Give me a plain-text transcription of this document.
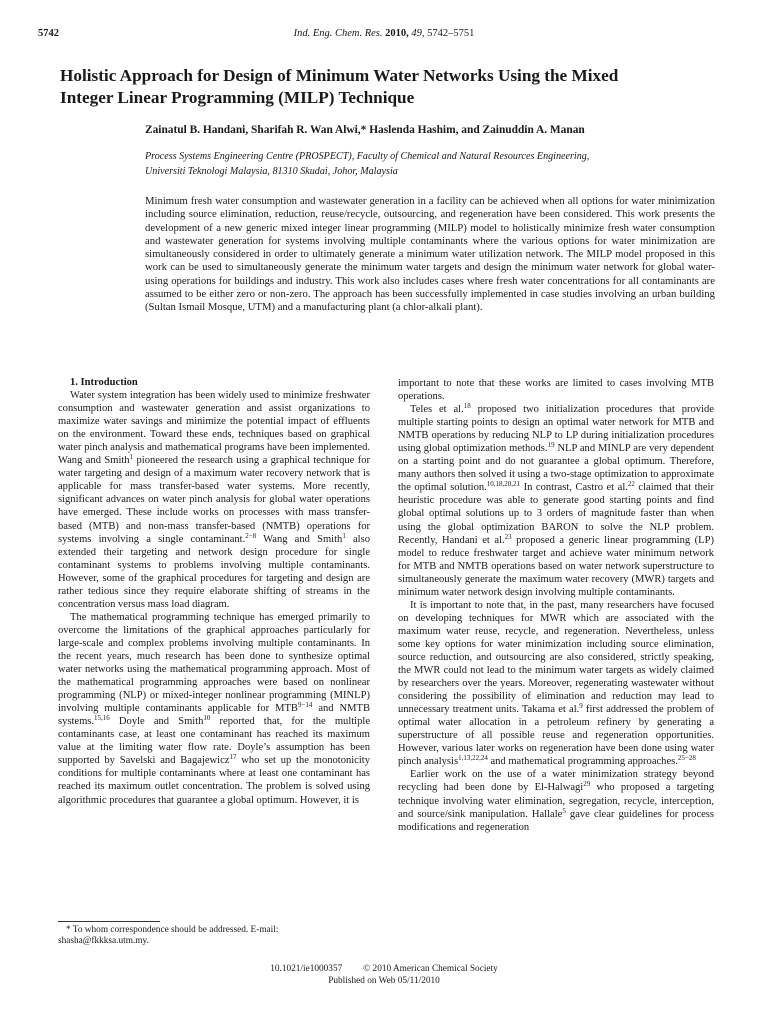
5742	Ind. Eng. Chem. Res. 2010, 49, 5742–5751
Holistic Approach for Design of Minimum Water Networks Using the Mixed
Integer Linear Programming (MILP) Technique
Zainatul B. Handani, Sharifah R. Wan Alwi,* Haslenda Hashim, and Zainuddin A. Manan
Process Systems Engineering Centre (PROSPECT), Faculty of Chemical and Natural Resources Engineering,
Universiti Teknologi Malaysia, 81310 Skudai, Johor, Malaysia
Minimum fresh water consumption and wastewater generation in a facility can be achieved when all options for water minimization including source elimination, reduction, reuse/recycle, outsourcing, and regeneration have been considered. This work presents the development of a new generic mixed integer linear programming (MILP) model to holistically minimize fresh water consumption and wastewater generation for systems involving multiple contaminants where the various options for water minimization are simultaneously considered in order to ultimately generate a minimum water utilization network. The MILP model proposed in this work can be used to simultaneously generate the minimum water targets and design the minimum water network for global water-using operations for buildings and industry. This work also includes cases where fresh water concentrations for all contaminants are assumed to be either zero or non-zero. The approach has been successfully implemented in case studies involving an urban building (Sultan Ismail Mosque, UTM) and a manufacturing plant (a chlor-alkali plant).

1. Introduction

Water system integration has been widely used to minimize freshwater consumption and wastewater generation and assist organizations to maximize water savings and minimize the potential impact of effluents on the environment. Toward these ends, techniques based on graphical water pinch analysis and mathematical programs have been implemented. Wang and Smith$^1$ pioneered the research using a graphical technique for water targeting and design of a maximum water recovery network that is applicable for mass transfer-based water systems. More recently, significant advances on water pinch analysis for global water operations have emerged. These include works on processes with mass transfer-based (MTB) and non-mass transfer-based (NMTB) operations for systems involving a single contaminant.$^{2-8}$ Wang and Smith$^1$ also extended their targeting and network design procedure for single contaminant systems to problems involving multiple contaminants. However, some of the graphical procedures for targeting and design are rather tedious since they require elaborate shifting of streams in the concentration versus mass load diagram.

The mathematical programming technique has emerged primarily to overcome the limitations of the graphical approaches particularly for large-scale and complex problems involving multiple contaminants. In the recent years, much research has been done to synthesize optimal water networks using the mathematical programming approach. Most of the mathematical programming approaches were based on nonlinear programming (NLP) or mixed-integer nonlinear programming (MINLP) involving multiple contaminants applicable for $MTB^{9-14}$ and NMTB systems.$^{15,16}$ Doyle and Smith$^{10}$ reported that, for the multiple contaminants case, at least one contaminant has reached its maximum value at the limiting water flow rate. Doyle’s assumption has been supported by Savelski and Bagajewicz$^{17}$ who set up the monotonicity conditions for multiple contaminants where at least one contaminant has reached its maximum outlet concentration. The problem is solved using algorithmic procedures that guarantee a global optimum. However, it is

important to note that these works are limited to cases involving MTB operations.

Teles et al.$^{18}$ proposed two initialization procedures that provide multiple starting points to design an optimal water network for MTB and NMTB operations by reducing NLP to LP during initialization procedures using global optimization methods.$^{19}$ NLP and MINLP are very dependent on a starting point and do not guarantee a global optimum. Therefore, many authors then solved it using a two-stage optimization to approximate the optimal solution.$^{10,18,20,21}$ In contrast, Castro et al.$^{22}$ claimed that their heuristic procedure was able to generate good starting points and find global optimal solutions up to 3 orders of magnitude faster than when using the global optimization BARON to solve the NLP problem. Recently, Handani et al.$^{23}$ proposed a generic linear programming (LP) model to reduce freshwater target and achieve water minimum network for MTB and NMTB operations based on water network superstructure to simultaneously generate the maximum water recovery (MWR) targets and minimum water network design involving multiple contaminants.

It is important to note that, in the past, many researchers have focused on developing techniques for MWR which are associated with the maximum water reuse, recycle, and regeneration. Nevertheless, unless some key options for water minimization including source elimination, source reduction, and outsourcing are also considered, strictly speaking, the MWR could not lead to the minimum water targets as widely claimed by researchers over the years. Moreover, regenerating wastewater without considering the possibility of elimination and reduction may lead to unnecessary treatment units. Takama et al.$^9$ first addressed the problem of optimal water allocation in a petroleum refinery by generating a superstructure of all possible reuse and regeneration opportunities. However, various later works on regeneration have been done using water pinch analysis$^{1,13,22,24}$ and mathematical programming approaches.$^{25-28}$

Earlier work on the use of a water minimization strategy beyond recycling had been done by El-Halwagi$^{29}$ who proposed a targeting technique involving water elimination, segregation, recycle, interception, and source/sink manipulation. Hallale$^5$ gave clear guidelines for process modifications and regeneration

* To whom correspondence should be addressed. E-mail: shasha@fkkksa.utm.my.
10.1021/ie1000357 © 2010 American Chemical Society
Published on Web 05/11/2010
